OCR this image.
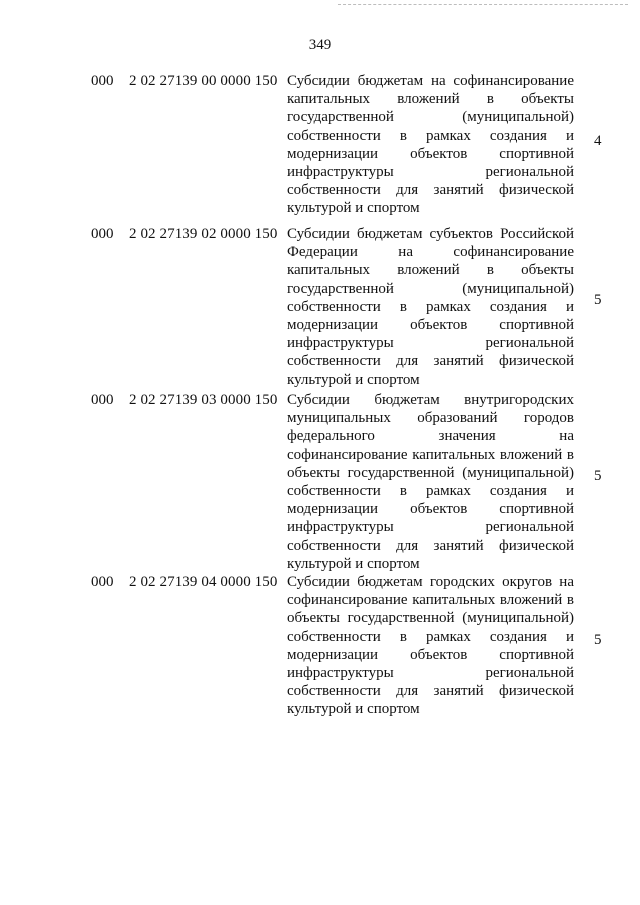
349
000 2 02 27139 00 0000 150 Субсидии бюджетам на софинансирование
капитальных вложений в объекты
государственной (муниципальной)
собственности в рамках создания и
модернизации объектов спортивной
инфраструктуры региональной
собственности для занятий физической
культурой и спортом
4
000 2 02 27139 02 0000 150 Субсидии бюджетам субъектов Российской
Федерации на софинансирование
капитальных вложений в объекты
государственной (муниципальной)
собственности в рамках создания и
модернизации объектов спортивной
инфраструктуры региональной
собственности для занятий физической
культурой и спортом
5
000 2 02 27139 03 0000 150 Субсидии бюджетам внутригородских
муниципальных образований городов
федерального значения на
софинансирование капитальных вложений в
объекты государственной (муниципальной)
собственности в рамках создания и
модернизации объектов спортивной
инфраструктуры региональной
собственности для занятий физической
культурой и спортом
5
000 2 02 27139 04 0000 150 Субсидии бюджетам городских округов на
софинансирование капитальных вложений в
объекты государственной (муниципальной)
собственности в рамках создания и
модернизации объектов спортивной
инфраструктуры региональной
собственности для занятий физической
культурой и спортом
5
